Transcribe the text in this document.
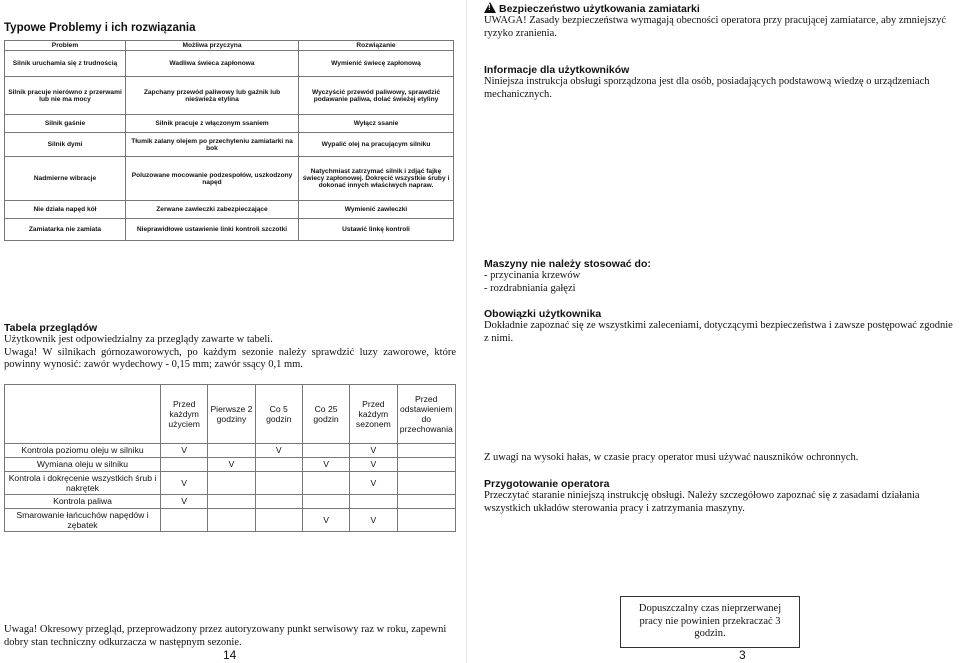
Typowe Problemy i ich rozwiązania
Problem	Możliwa przyczyna	Rozwiązanie
Silnik uruchamia się z trudnością	Wadliwa świeca zapłonowa	Wymienić świecę zapłonową
Silnik pracuje nierówno z przerwami lub nie ma mocy	Zapchany przewód paliwowy lub gaźnik lub nieświeża etylina	Wyczyścić przewód paliwowy, sprawdzić podawanie paliwa, dolać świeżej etyliny
Silnik gaśnie	Silnik pracuje z włączonym ssaniem	Wyłącz ssanie
Silnik dymi	Tłumik zalany olejem po przechyleniu zamiatarki na bok	Wypalić olej na pracującym silniku
Nadmierne wibracje	Poluzowane mocowanie podzespołów, uszkodzony napęd	Natychmiast zatrzymać silnik i zdjąć fajkę świecy zapłonowej. Dokręcić wszystkie śruby i dokonać innych właściwych napraw.
Nie działa napęd kół	Zerwane zawleczki zabezpieczające	Wymienić zawleczki
Zamiatarka nie zamiata	Nieprawidłowe ustawienie linki kontroli szczotki	Ustawić linkę kontroli
Tabela przeglądów

Użytkownik jest odpowiedzialny za przeglądy zawarte w tabeli.

Uwaga! W silnikach górnozaworowych, po każdym sezonie należy sprawdzić luzy zaworowe, które powinny wynosić: zawór wydechowy - 0,15 mm; zawór ssący 0,1 mm.

	Przed każdym użyciem	Pierwsze 2 godziny	Co 5 godzin	Co 25 godzin	Przed każdym sezonem	Przed odstawieniem do przechowania
Kontrola poziomu oleju w silniku	V		V		V	
Wymiana oleju w silniku		V		V	V	
Kontrola i dokręcenie wszystkich śrub i nakrętek	V				V	
Kontrola paliwa	V					
Smarowanie łańcuchów napędów i zębatek				V	V	

Uwaga! Okresowy przegląd, przeprowadzony przez autoryzowany punkt serwisowy raz w roku, zapewni dobry stan techniczny odkurzacza w następnym sezonie.

14
!Bezpieczeństwo użytkowania zamiatarki

UWAGA! Zasady bezpieczeństwa wymagają obecności operatora przy pracującej zamiatarce, aby zmniejszyć ryzyko zranienia.

Informacje dla użytkowników

Niniejsza instrukcja obsługi sporządzona jest dla osób, posiadających podstawową wiedzę o urządzeniach mechanicznych.

Maszyny nie należy stosować do:

- przycinania krzewów

- rozdrabniania gałęzi

Obowiązki użytkownika

Dokładnie zapoznać się ze wszystkimi zaleceniami, dotyczącymi bezpieczeństwa i zawsze postępować zgodnie z nimi.

Z uwagi na wysoki hałas, w czasie pracy operator musi używać nauszników ochronnych.

Przygotowanie operatora

Przeczytać staranie niniejszą instrukcję obsługi. Należy szczegółowo zapoznać się z zasadami działania wszystkich układów sterowania pracy i zatrzymania maszyny.

Dopuszczalny czas nieprzerwanej pracy nie powinien przekraczać 3 godzin.
3
